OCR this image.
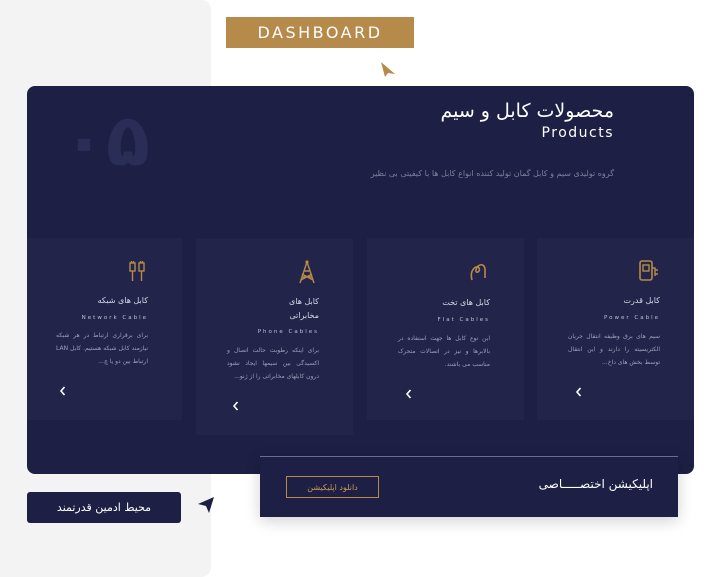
DASHBOARD
۰۵	محصولات کابل و سیم
Products
گروه تولیدی سیم و کابل گمان تولید کننده انواع کابل ها با کیفیتی بی نظیر
کابل قدرت
Power Cable
سیم های برق وظیفه انتقال جریان الکتریسیته را دارند و این انتقال توسط بخش های داخ...
کابل های تخت
Flat Cables
این نوع کابل ها جهت استفاده در بالابرها و نیز در اتصالات متحرک مناسب می باشند.
کابل های مخابراتی
Phone Cables
برای اینکه رطوبت حالت اتصال و اکسیدگی بین سیمها ایجاد نشود درون کابلهای مخابراتی را از ژنو...
کابل های شبکه
Network Cable
برای برقراری ارتباط در هر شبکه نیازمند کابل شبکه هستیم. کابل LAN ارتباط بین دو یا چ...
اپلیکیشن اختصـــــاصی
دانلود اپلیکیشن
محیط ادمین قدرتمند
